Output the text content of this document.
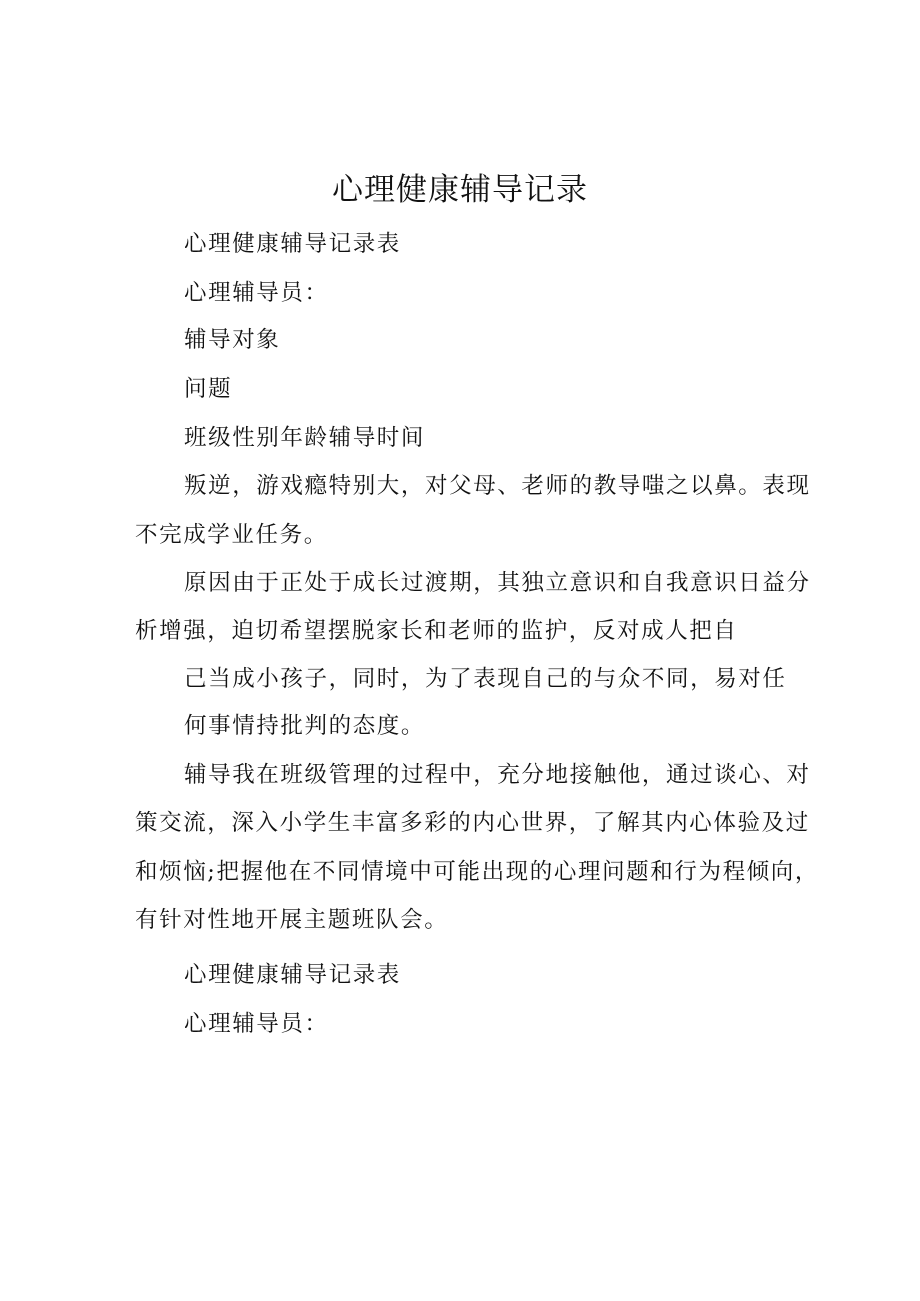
心理健康辅导记录

心理健康辅导记录表

心理辅导员：

辅导对象

问题

班级性别年龄辅导时间

叛逆，游戏瘾特别大，对父母、老师的教导嗤之以鼻。表现

不完成学业任务。

原因由于正处于成长过渡期，其独立意识和自我意识日益分

析增强，迫切希望摆脱家长和老师的监护，反对成人把自

己当成小孩子，同时，为了表现自己的与众不同，易对任

何事情持批判的态度。

辅导我在班级管理的过程中，充分地接触他，通过谈心、对

策交流，深入小学生丰富多彩的内心世界，了解其内心体验及过

和烦恼;把握他在不同情境中可能出现的心理问题和行为程倾向，

有针对性地开展主题班队会。

心理健康辅导记录表

心理辅导员：
